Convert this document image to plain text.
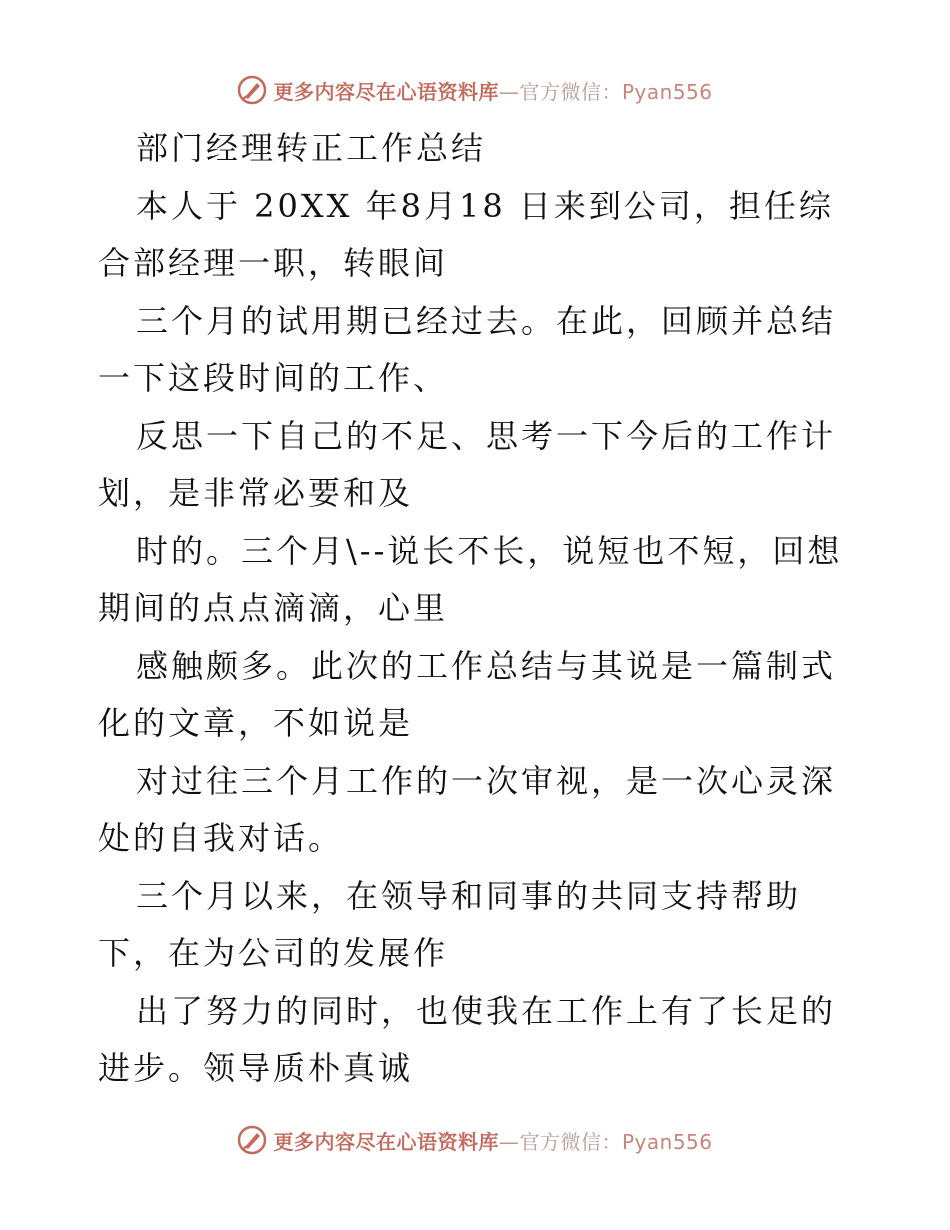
更多内容尽在心语资料库—官方微信：Pyan556

部门经理转正工作总结

本人于 20XX 年8月18 日来到公司，担任综合部经理一职，转眼间

三个月的试用期已经过去。在此，回顾并总结一下这段时间的工作、

反思一下自己的不足、思考一下今后的工作计划，是非常必要和及

时的。三个月\--说长不长，说短也不短，回想期间的点点滴滴，心里

感触颇多。此次的工作总结与其说是一篇制式化的文章，不如说是

对过往三个月工作的一次审视，是一次心灵深处的自我对话。

三个月以来，在领导和同事的共同支持帮助下，在为公司的发展作

出了努力的同时，也使我在工作上有了长足的进步。领导质朴真诚

更多内容尽在心语资料库—官方微信：Pyan556
